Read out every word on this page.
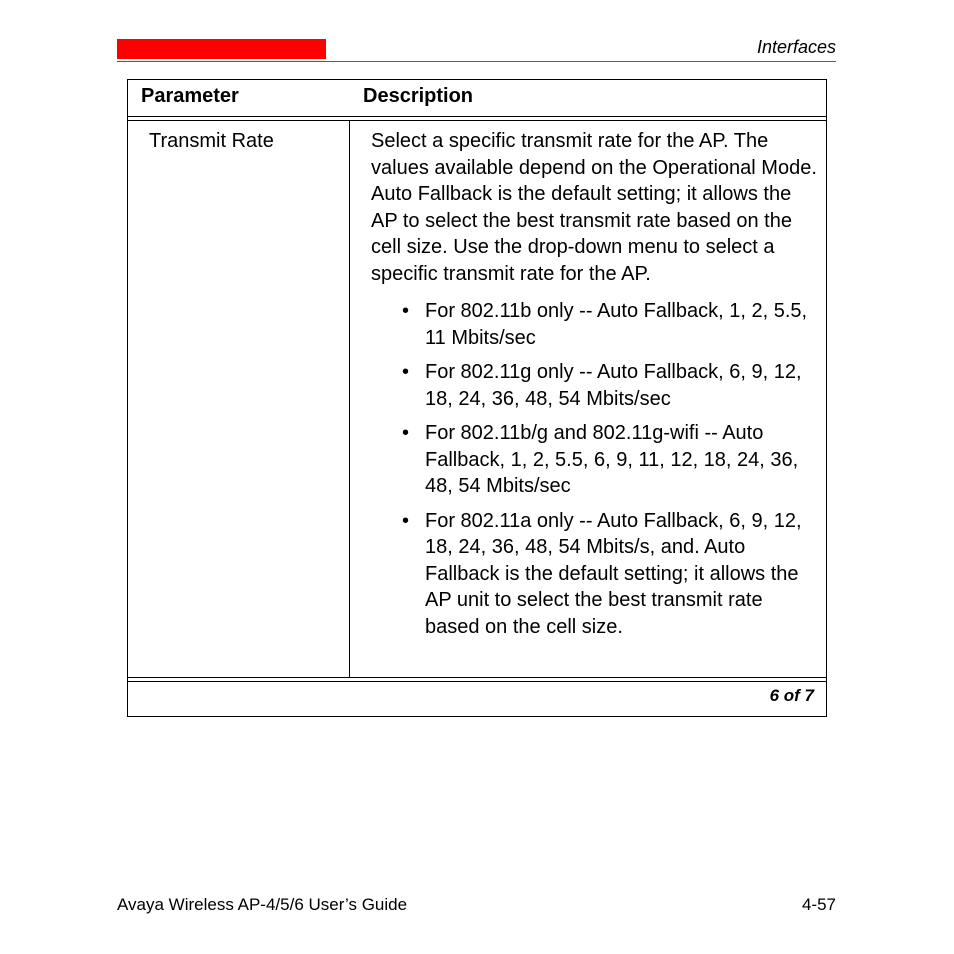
Interfaces
Parameter	Description
Transmit Rate	Select a specific transmit rate for the AP. The values available depend on the Operational Mode. Auto Fallback is the default setting; it allows the AP to select the best transmit rate based on the cell size. Use the drop-down menu to select a specific transmit rate for the AP.

• For 802.11b only -- Auto Fallback, 1, 2, 5.5, 11 Mbits/sec
• For 802.11g only -- Auto Fallback, 6, 9, 12, 18, 24, 36, 48, 54 Mbits/sec
• For 802.11b/g and 802.11g-wifi -- Auto Fallback, 1, 2, 5.5, 6, 9, 11, 12, 18, 24, 36, 48, 54 Mbits/sec
• For 802.11a only -- Auto Fallback, 6, 9, 12, 18, 24, 36, 48, 54 Mbits/s, and. Auto Fallback is the default setting; it allows the AP unit to select the best transmit rate based on the cell size.
6 of 7
Avaya Wireless AP-4/5/6 User’s Guide	4-57
